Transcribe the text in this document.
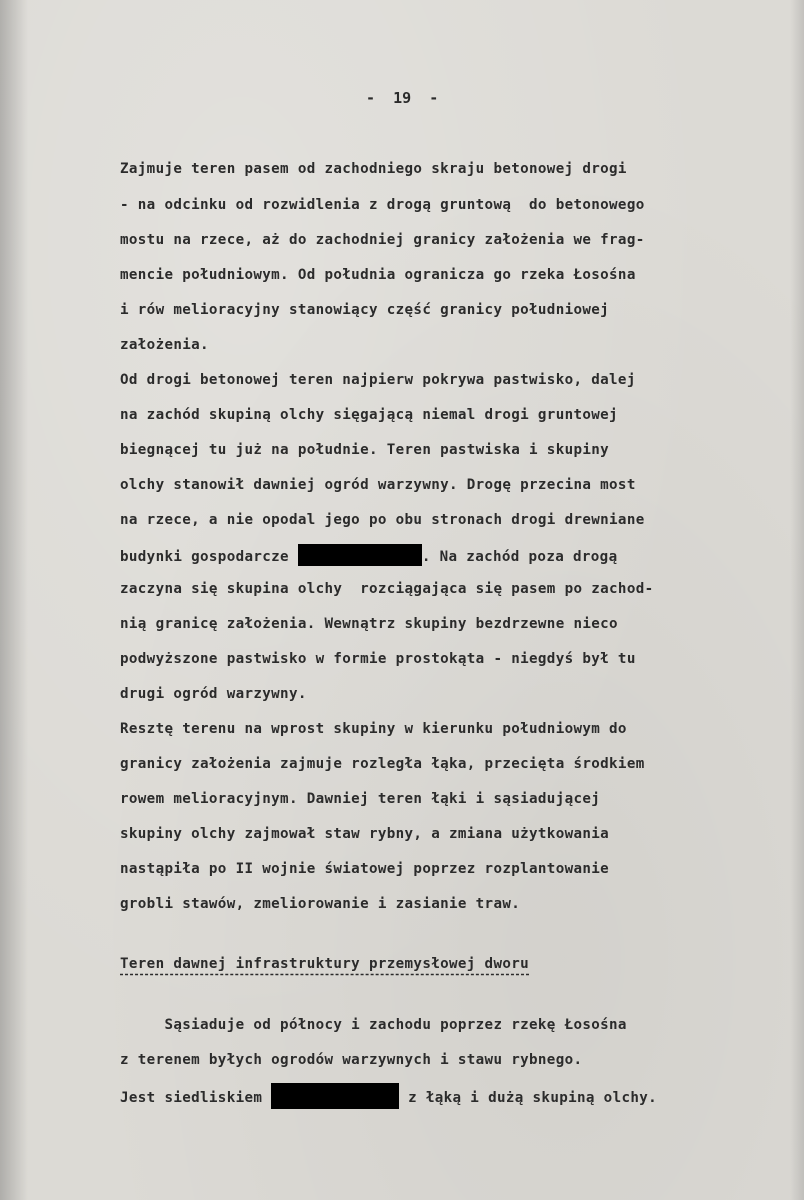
-  19  -
Zajmuje teren pasem od zachodniego skraju betonowej drogi
- na odcinku od rozwidlenia z drogą gruntową  do betonowego
mostu na rzece, aż do zachodniej granicy założenia we frag-
mencie południowym. Od południa ogranicza go rzeka Łosośna
i rów melioracyjny stanowiący część granicy południowej
założenia.
Od drogi betonowej teren najpierw pokrywa pastwisko, dalej
na zachód skupiną olchy sięgającą niemal drogi gruntowej
biegnącej tu już na południe. Teren pastwiska i skupiny
olchy stanowił dawniej ogród warzywny. Drogę przecina most
na rzece, a nie opodal jego po obu stronach drogi drewniane
budynki gospodarcze	. Na zachód poza drogą
zaczyna się skupina olchy  rozciągająca się pasem po zachod-
nią granicę założenia. Wewnątrz skupiny bezdrzewne nieco
podwyższone pastwisko w formie prostokąta - niegdyś był tu
drugi ogród warzywny.
Resztę terenu na wprost skupiny w kierunku południowym do
granicy założenia zajmuje rozległa łąka, przecięta środkiem
rowem melioracyjnym. Dawniej teren łąki i sąsiadującej
skupiny olchy zajmował staw rybny, a zmiana użytkowania
nastąpiła po II wojnie światowej poprzez rozplantowanie
grobli stawów, zmeliorowanie i zasianie traw.
Teren dawnej infrastruktury przemysłowej dworu
Sąsiaduje od północy i zachodu poprzez rzekę Łosośna
z terenem byłych ogrodów warzywnych i stawu rybnego.
Jest siedliskiem	z łąką i dużą skupiną olchy.
